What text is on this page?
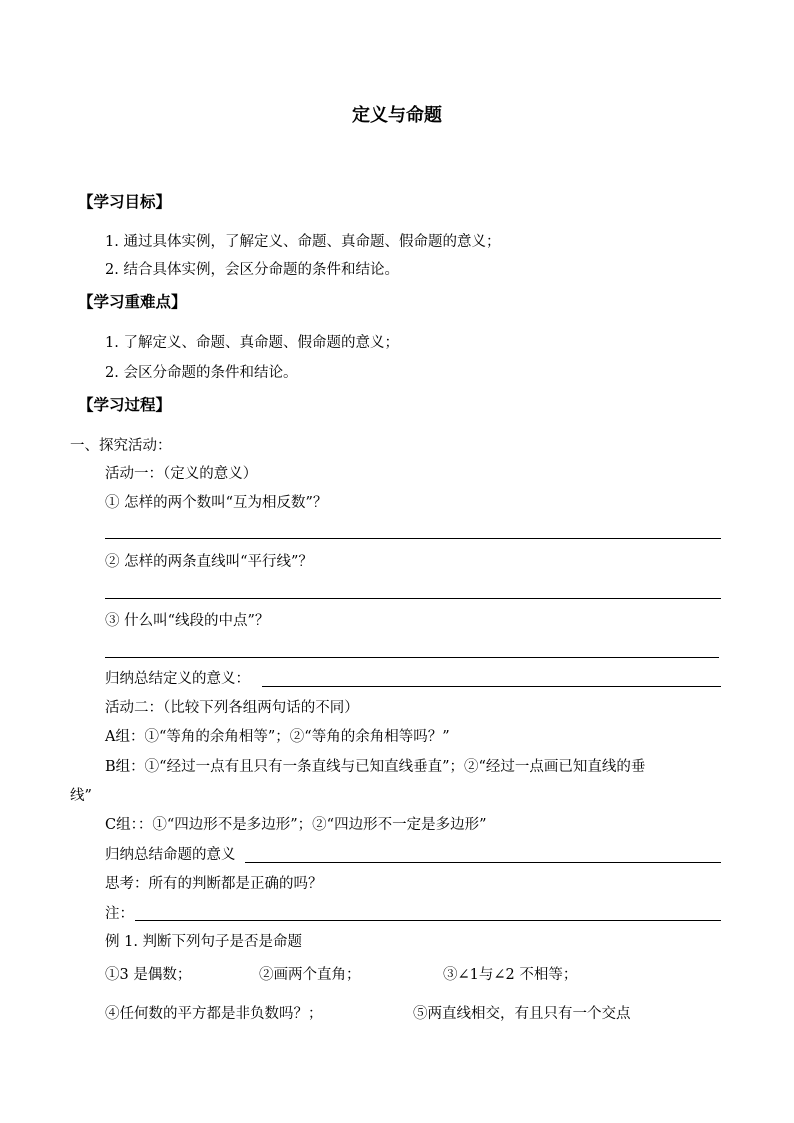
定义与命题
【学习目标】
1. 通过具体实例，了解定义、命题、真命题、假命题的意义；
2. 结合具体实例，会区分命题的条件和结论。
【学习重难点】
1. 了解定义、命题、真命题、假命题的意义；
2. 会区分命题的条件和结论。
【学习过程】
一、探究活动：
活动一：（定义的意义）
① 怎样的两个数叫“互为相反数”？
② 怎样的两条直线叫“平行线”？
③ 什么叫“线段的中点”？
归纳总结定义的意义：
活动二：（比较下列各组两句话的不同）
A组：①“等角的余角相等”；②“等角的余角相等吗？”
B组：①“经过一点有且只有一条直线与已知直线垂直”；②“经过一点画已知直线的垂
线”
C组：：①“四边形不是多边形”；②“四边形不一定是多边形”
归纳总结命题的意义
思考：所有的判断都是正确的吗？
注：
例 1. 判断下列句子是否是命题
①3 是偶数；	②画两个直角；	③∠1与∠2 不相等；
④任何数的平方都是非负数吗？；	⑤两直线相交，有且只有一个交点
